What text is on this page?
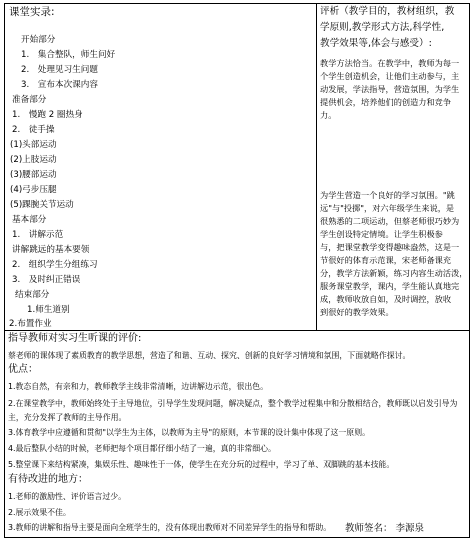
课堂实录:
开始部分
1.　集合整队，师生问好
2.　处理见习生问题
3.　宣布本次课内容
准备部分
1.　慢跑 2 圈热身
2.　徒手操
(1)头部运动
(2)上肢运动
(3)腰部运动
(4)弓步压腿
(5)踝腕关节运动
基本部分
1.　讲解示范
讲解跳远的基本要领
2.　组织学生分组练习
3.　及时纠正错误
结束部分
1.师生道别
2.布置作业
评析（教学目的，教材组织，教
学原则,教学形式方法,科学性,
教学效果等,体会与感受）:
教学方法恰当。在教学中，教师为每一
个学生创造机会，让他们主动参与，主
动发展，学法指导，营造氛围，为学生
提供机会，培养他们的创造力和竞争
力。
为学生营造一个良好的学习氛围。"跳
远"与"投掷"，对六年级学生来说，是
很熟悉的二项运动，但蔡老师很巧妙为
学生创设特定情境。让学生积极参
与，把课堂教学变得趣味盎然，这是一
节很好的体育示范课，宋老师备课充
分，教学方法新颖，练习内容生动活泼，
服务课堂教学，课内，学生能认真地完
成，教师收放自如，及时调控，放收
到很好的教学效果。
指导教师对实习生听课的评价:
蔡老师的课体现了素质教育的教学思想，营造了和谐、互动、探究、创新的良好学习情境和氛围，下面就略作探讨。
优点：
1.教态自然，有亲和力，教师教学主线非常清晰，边讲解边示范，很出色。
2.在课堂教学中，教师始终处于主导地位，引导学生发现问题，解决疑点，整个教学过程集中和分散相结合，教师既以启发引导为主，充分发挥了教师的主导作用。
3.体育教学中应遵循和贯彻"以学生为主体，以教师为主导"的原则，本节课的设计集中体现了这一原则。
4.最后整队小结的时候，老师把每个项目都仔细小结了一遍，真的非常细心。
5.整堂课下来结构紧凑，集娱乐性、趣味性于一体，使学生在充分玩的过程中，学习了单、双脚跳的基本技能。
有待改进的地方：
1.老师的激励性、评价语言过少。
2.展示效果不佳。
3.教师的讲解和指导主要是面向全班学生的，没有体现出教师对不同差异学生的指导和帮助。 教师签名： 李源泉
